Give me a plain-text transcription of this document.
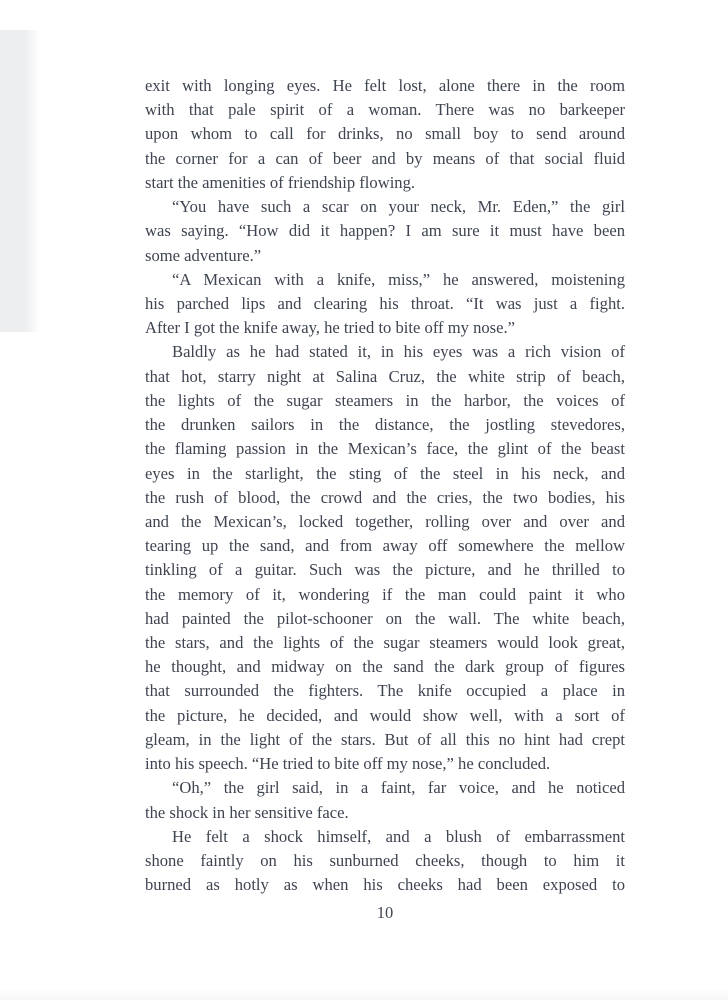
exit with longing eyes. He felt lost, alone there in the room
with that pale spirit of a woman. There was no barkeeper
upon whom to call for drinks, no small boy to send around
the corner for a can of beer and by means of that social fluid
start the amenities of friendship flowing.
“You have such a scar on your neck, Mr. Eden,” the girl
was saying. “How did it happen? I am sure it must have been
some adventure.”
“A Mexican with a knife, miss,” he answered, moistening
his parched lips and clearing his throat. “It was just a fight.
After I got the knife away, he tried to bite off my nose.”
Baldly as he had stated it, in his eyes was a rich vision of
that hot, starry night at Salina Cruz, the white strip of beach,
the lights of the sugar steamers in the harbor, the voices of
the drunken sailors in the distance, the jostling stevedores,
the flaming passion in the Mexican’s face, the glint of the beast
eyes in the starlight, the sting of the steel in his neck, and
the rush of blood, the crowd and the cries, the two bodies, his
and the Mexican’s, locked together, rolling over and over and
tearing up the sand, and from away off somewhere the mellow
tinkling of a guitar. Such was the picture, and he thrilled to
the memory of it, wondering if the man could paint it who
had painted the pilot-schooner on the wall. The white beach,
the stars, and the lights of the sugar steamers would look great,
he thought, and midway on the sand the dark group of figures
that surrounded the fighters. The knife occupied a place in
the picture, he decided, and would show well, with a sort of
gleam, in the light of the stars. But of all this no hint had crept
into his speech. “He tried to bite off my nose,” he concluded.
“Oh,” the girl said, in a faint, far voice, and he noticed
the shock in her sensitive face.
He felt a shock himself, and a blush of embarrassment
shone faintly on his sunburned cheeks, though to him it
burned as hotly as when his cheeks had been exposed to
10
